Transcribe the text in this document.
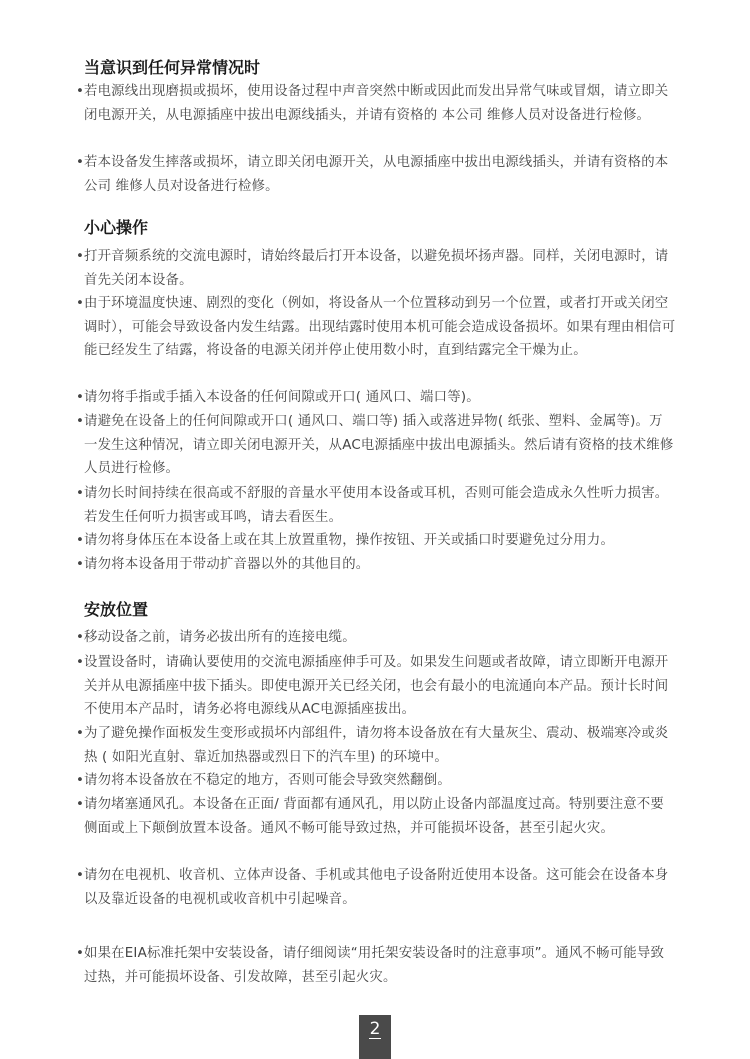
当意识到任何异常情况时
• 若电源线出现磨损或损坏，使用设备过程中声音突然中断或因此而发出异常气味或冒烟，请立即关闭电源开关，从电源插座中拔出电源线插头，并请有资格的 本公司 维修人员对设备进行检修。
• 若本设备发生摔落或损坏，请立即关闭电源开关，从电源插座中拔出电源线插头，并请有资格的本公司 维修人员对设备进行检修。
小心操作
• 打开音频系统的交流电源时，请始终最后打开本设备，以避免损坏扬声器。同样，关闭电源时，请首先关闭本设备。
• 由于环境温度快速、剧烈的变化（例如，将设备从一个位置移动到另一个位置，或者打开或关闭空调时），可能会导致设备内发生结露。出现结露时使用本机可能会造成设备损坏。如果有理由相信可能已经发生了结露，将设备的电源关闭并停止使用数小时，直到结露完全干燥为止。
• 请勿将手指或手插入本设备的任何间隙或开口( 通风口、端口等)。
• 请避免在设备上的任何间隙或开口( 通风口、端口等) 插入或落进异物( 纸张、塑料、金属等)。万一发生这种情况，请立即关闭电源开关，从AC电源插座中拔出电源插头。然后请有资格的技术维修人员进行检修。
• 请勿长时间持续在很高或不舒服的音量水平使用本设备或耳机，否则可能会造成永久性听力损害。若发生任何听力损害或耳鸣，请去看医生。
• 请勿将身体压在本设备上或在其上放置重物，操作按钮、开关或插口时要避免过分用力。
• 请勿将本设备用于带动扩音器以外的其他目的。
安放位置
• 移动设备之前，请务必拔出所有的连接电缆。
• 设置设备时，请确认要使用的交流电源插座伸手可及。如果发生问题或者故障，请立即断开电源开关并从电源插座中拔下插头。即使电源开关已经关闭，也会有最小的电流通向本产品。预计长时间不使用本产品时，请务必将电源线从AC电源插座拔出。
• 为了避免操作面板发生变形或损坏内部组件，请勿将本设备放在有大量灰尘、震动、极端寒冷或炎热 ( 如阳光直射、靠近加热器或烈日下的汽车里) 的环境中。
• 请勿将本设备放在不稳定的地方，否则可能会导致突然翻倒。
• 请勿堵塞通风孔。本设备在正面/ 背面都有通风孔，用以防止设备内部温度过高。特别要注意不要侧面或上下颠倒放置本设备。通风不畅可能导致过热，并可能损坏设备，甚至引起火灾。
• 请勿在电视机、收音机、立体声设备、手机或其他电子设备附近使用本设备。这可能会在设备本身以及靠近设备的电视机或收音机中引起噪音。
• 如果在EIA标准托架中安装设备，请仔细阅读“用托架安装设备时的注意事项”。通风不畅可能导致过热，并可能损坏设备、引发故障，甚至引起火灾。
2
